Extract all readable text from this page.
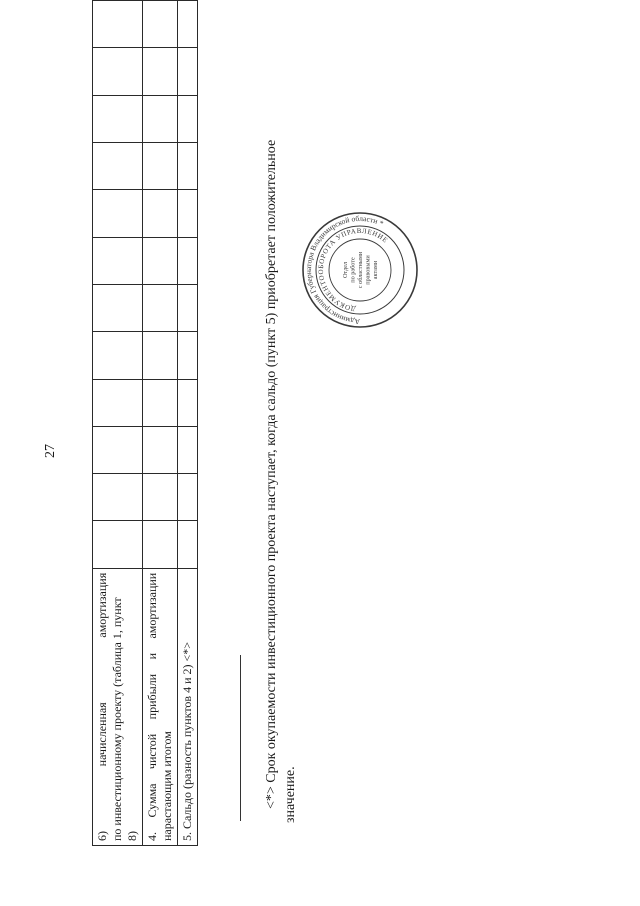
27
6) начисленная амортизация по инвестиционному проекту (таблица 1, пункт 8)												

4. Сумма чистой прибыли и амортизации нарастающим итогом												

5. Сальдо (разность пунктов 4 и 2) <*>												
													<*> Срок окупаемости инвестиционного проекта наступает, когда сальдо (пункт 5) приобретает положительное значение.
Администрация Губернатора Владимирской области *
ДОКУМЕНТООБОРОТА УПРАВЛЕНИЕ
Отдел по работе с областными правовыми актами
